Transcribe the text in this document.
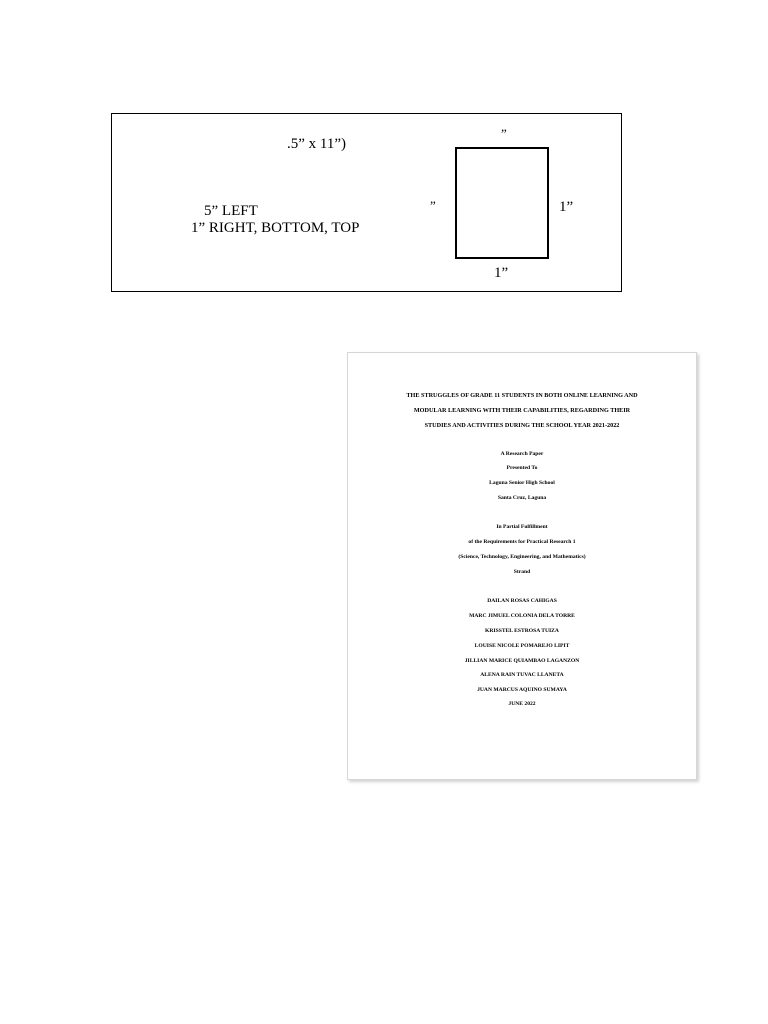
.5” x 11”)
5” LEFT
1” RIGHT, BOTTOM, TOP
”
”	1”
1”
THE STRUGGLES OF GRADE 11 STUDENTS IN BOTH ONLINE LEARNING AND
MODULAR LEARNING WITH THEIR CAPABILITIES, REGARDING THEIR
STUDIES AND ACTIVITIES DURING THE SCHOOL YEAR 2021-2022
A Research Paper
Presented To
Laguna Senior High School
Santa Cruz, Laguna
In Partial Fulfillment
of the Requirements for Practical Research 1
(Science, Technology, Engineering, and Mathematics)
Strand
DAILAN ROSAS CAHIGAS
MARC JIMUEL COLONIA DELA TORRE
KRISSTEL ESTROSA TUIZA
LOUISE NICOLE POMAREJO LIPIT
JILLIAN MARICE QUIAMBAO LAGANZON
ALENA RAIN TUVAC LLANETA
JUAN MARCUS AQUINO SUMAYA
JUNE 2022
